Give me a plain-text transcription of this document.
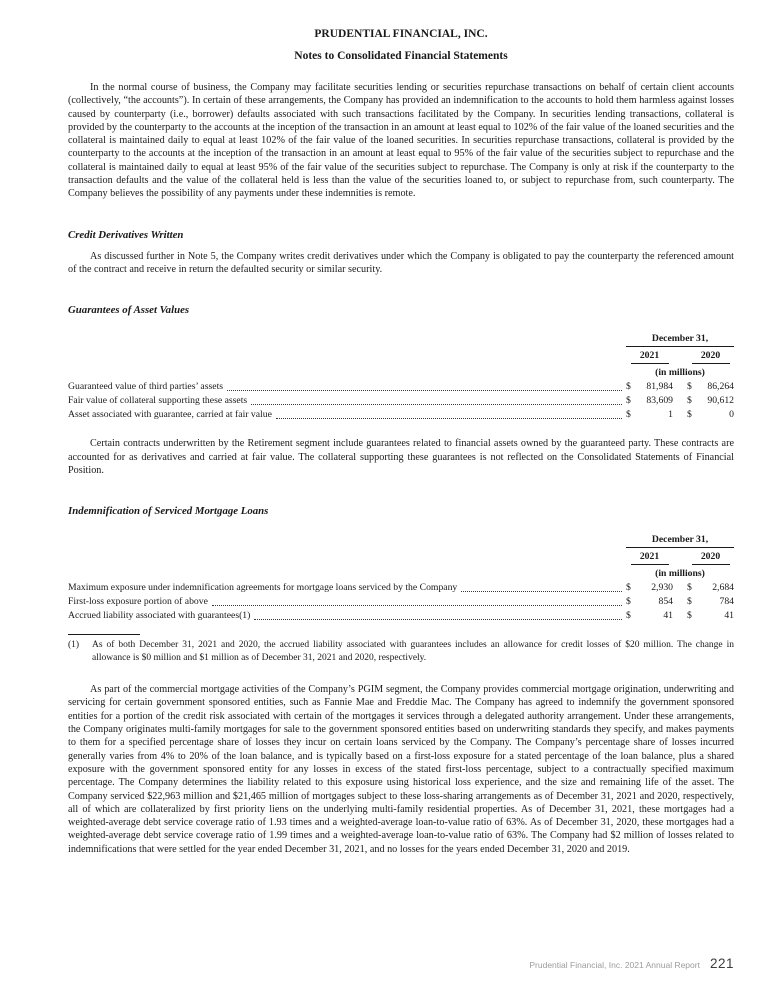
PRUDENTIAL FINANCIAL, INC.
Notes to Consolidated Financial Statements

In the normal course of business, the Company may facilitate securities lending or securities repurchase transactions on behalf of certain client accounts (collectively, “the accounts”). In certain of these arrangements, the Company has provided an indemnification to the accounts to hold them harmless against losses caused by counterparty (i.e., borrower) defaults associated with such transactions facilitated by the Company. In securities lending transactions, collateral is provided by the counterparty to the accounts at the inception of the transaction in an amount at least equal to 102% of the fair value of the loaned securities and the collateral is maintained daily to equal at least 102% of the fair value of the loaned securities. In securities repurchase transactions, collateral is provided by the counterparty to the accounts at the inception of the transaction in an amount at least equal to 95% of the fair value of the securities subject to repurchase and the collateral is maintained daily to equal at least 95% of the fair value of the securities subject to repurchase. The Company is only at risk if the counterparty to the transaction defaults and the value of the collateral held is less than the value of the securities loaned to, or subject to repurchase from, such counterparty. The Company believes the possibility of any payments under these indemnities is remote.

Credit Derivatives Written

As discussed further in Note 5, the Company writes credit derivatives under which the Company is obligated to pay the counterparty the referenced amount of the contract and receive in return the defaulted security or similar security.

Guarantees of Asset Values
December 31,
2021	2020
(in millions)
Guaranteed value of third parties’ assets	$ 81,984 $ 86,264
Fair value of collateral supporting these assets	$ 83,609 $ 90,612
Asset associated with guarantee, carried at fair value	$	1 $	0

Certain contracts underwritten by the Retirement segment include guarantees related to financial assets owned by the guaranteed party. These contracts are accounted for as derivatives and carried at fair value. The collateral supporting these guarantees is not reflected on the Consolidated Statements of Financial Position.

Indemnification of Serviced Mortgage Loans
December 31,
2021	2020
(in millions)
Maximum exposure under indemnification agreements for mortgage loans serviced by the Company	$ 2,930 $ 2,684
First-loss exposure portion of above	$	854 $	784
Accrued liability associated with guarantees(1)	$	41 $	41
(1)	As of both December 31, 2021 and 2020, the accrued liability associated with guarantees includes an allowance for credit losses of $20 million. The change in allowance is $0 million and $1 million as of December 31, 2021 and 2020, respectively.

As part of the commercial mortgage activities of the Company’s PGIM segment, the Company provides commercial mortgage origination, underwriting and servicing for certain government sponsored entities, such as Fannie Mae and Freddie Mac. The Company has agreed to indemnify the government sponsored entities for a portion of the credit risk associated with certain of the mortgages it services through a delegated authority arrangement. Under these arrangements, the Company originates multi-family mortgages for sale to the government sponsored entities based on underwriting standards they specify, and makes payments to them for a specified percentage share of losses they incur on certain loans serviced by the Company. The Company’s percentage share of losses incurred generally varies from 4% to 20% of the loan balance, and is typically based on a first-loss exposure for a stated percentage of the loan balance, plus a shared exposure with the government sponsored entity for any losses in excess of the stated first-loss percentage, subject to a contractually specified maximum percentage. The Company determines the liability related to this exposure using historical loss experience, and the size and remaining life of the asset. The Company serviced $22,963 million and $21,465 million of mortgages subject to these loss-sharing arrangements as of December 31, 2021 and 2020, respectively, all of which are collateralized by first priority liens on the underlying multi-family residential properties. As of December 31, 2021, these mortgages had a weighted-average debt service coverage ratio of 1.93 times and a weighted-average loan-to-value ratio of 63%. As of December 31, 2020, these mortgages had a weighted-average debt service coverage ratio of 1.99 times and a weighted-average loan-to-value ratio of 63%. The Company had $2 million of losses related to indemnifications that were settled for the year ended December 31, 2021, and no losses for the years ended December 31, 2020 and 2019.

Prudential Financial, Inc. 2021 Annual Report 221
